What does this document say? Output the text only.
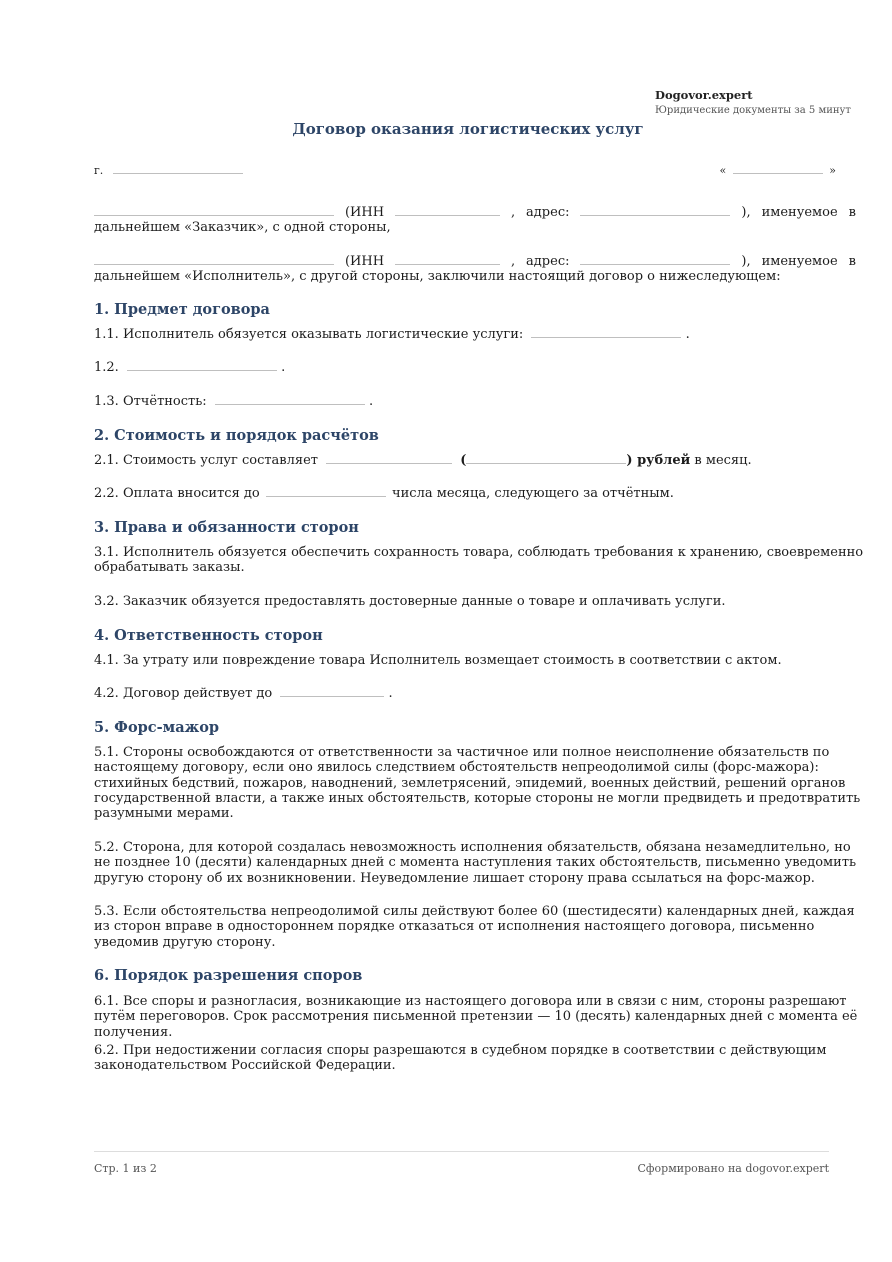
Dogovor.expert
Юридические документы за 5 минут
Договор оказания логистических услуг
г.	«	»
(ИНН	, адрес:	), именуемое в
дальнейшем «Заказчик», с одной стороны,
(ИНН	, адрес:	), именуемое в
дальнейшем «Исполнитель», с другой стороны, заключили настоящий договор о нижеследующем:
1. Предмет договора

1.1. Исполнитель обязуется оказывать логистические услуги:	.

1.2.	.

1.3. Отчётность:	.

2. Стоимость и порядок расчётов

2.1. Стоимость услуг составляет	(	) рублей в месяц.

2.2. Оплата вносится до	числа месяца, следующего за отчётным.

3. Права и обязанности сторон

3.1. Исполнитель обязуется обеспечить сохранность товара, соблюдать требования к хранению, своевременно обрабатывать заказы.

3.2. Заказчик обязуется предоставлять достоверные данные о товаре и оплачивать услуги.

4. Ответственность сторон

4.1. За утрату или повреждение товара Исполнитель возмещает стоимость в соответствии с актом.

4.2. Договор действует до	.

5. Форс-мажор

5.1. Стороны освобождаются от ответственности за частичное или полное неисполнение обязательств по настоящему договору, если оно явилось следствием обстоятельств непреодолимой силы (форс-мажора): стихийных бедствий, пожаров, наводнений, землетрясений, эпидемий, военных действий, решений органов государственной власти, а также иных обстоятельств, которые стороны не могли предвидеть и предотвратить разумными мерами.

5.2. Сторона, для которой создалась невозможность исполнения обязательств, обязана незамедлительно, но не позднее 10 (десяти) календарных дней с момента наступления таких обстоятельств, письменно уведомить другую сторону об их возникновении. Неуведомление лишает сторону права ссылаться на форс-мажор.

5.3. Если обстоятельства непреодолимой силы действуют более 60 (шестидесяти) календарных дней, каждая из сторон вправе в одностороннем порядке отказаться от исполнения настоящего договора, письменно уведомив другую сторону.

6. Порядок разрешения споров

6.1. Все споры и разногласия, возникающие из настоящего договора или в связи с ним, стороны разрешают путём переговоров. Срок рассмотрения письменной претензии — 10 (десять) календарных дней с момента её получения.

6.2. При недостижении согласия споры разрешаются в судебном порядке в соответствии с действующим законодательством Российской Федерации.

Стр. 1 из 2	Сформировано на dogovor.expert
